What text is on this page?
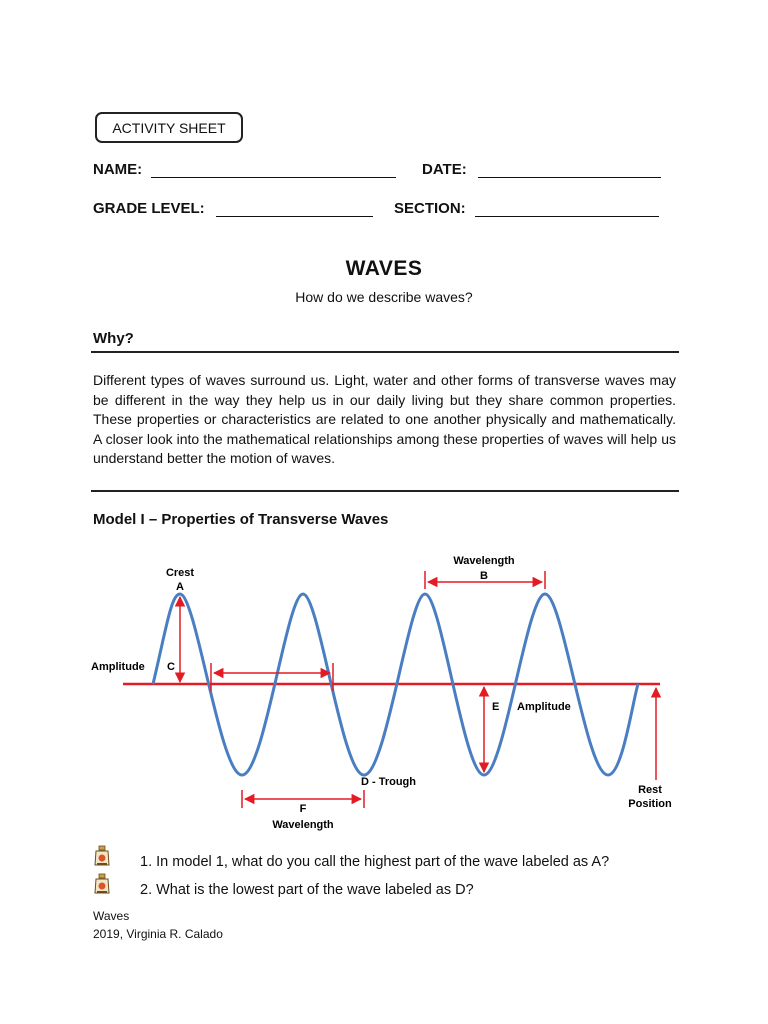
ACTIVITY SHEET
NAME:	DATE:
GRADE LEVEL:	SECTION:
WAVES
How do we describe waves?
Why?
Different types of waves surround us. Light, water and other forms of transverse waves may be different in the way they help us in our daily living but they share common properties. These properties or characteristics are related to one another physically and mathematically. A closer look into the mathematical relationships among these properties of waves will help us understand better the motion of waves.
Model I – Properties of Transverse Waves
Crest
A
Wavelength
B
Amplitude C
E Amplitude
D - Trough
Rest
Position
F
Wavelength
1. In model 1, what do you call the highest part of the wave labeled as A?
2. What is the lowest part of the wave labeled as D?
Waves
2019, Virginia R. Calado
